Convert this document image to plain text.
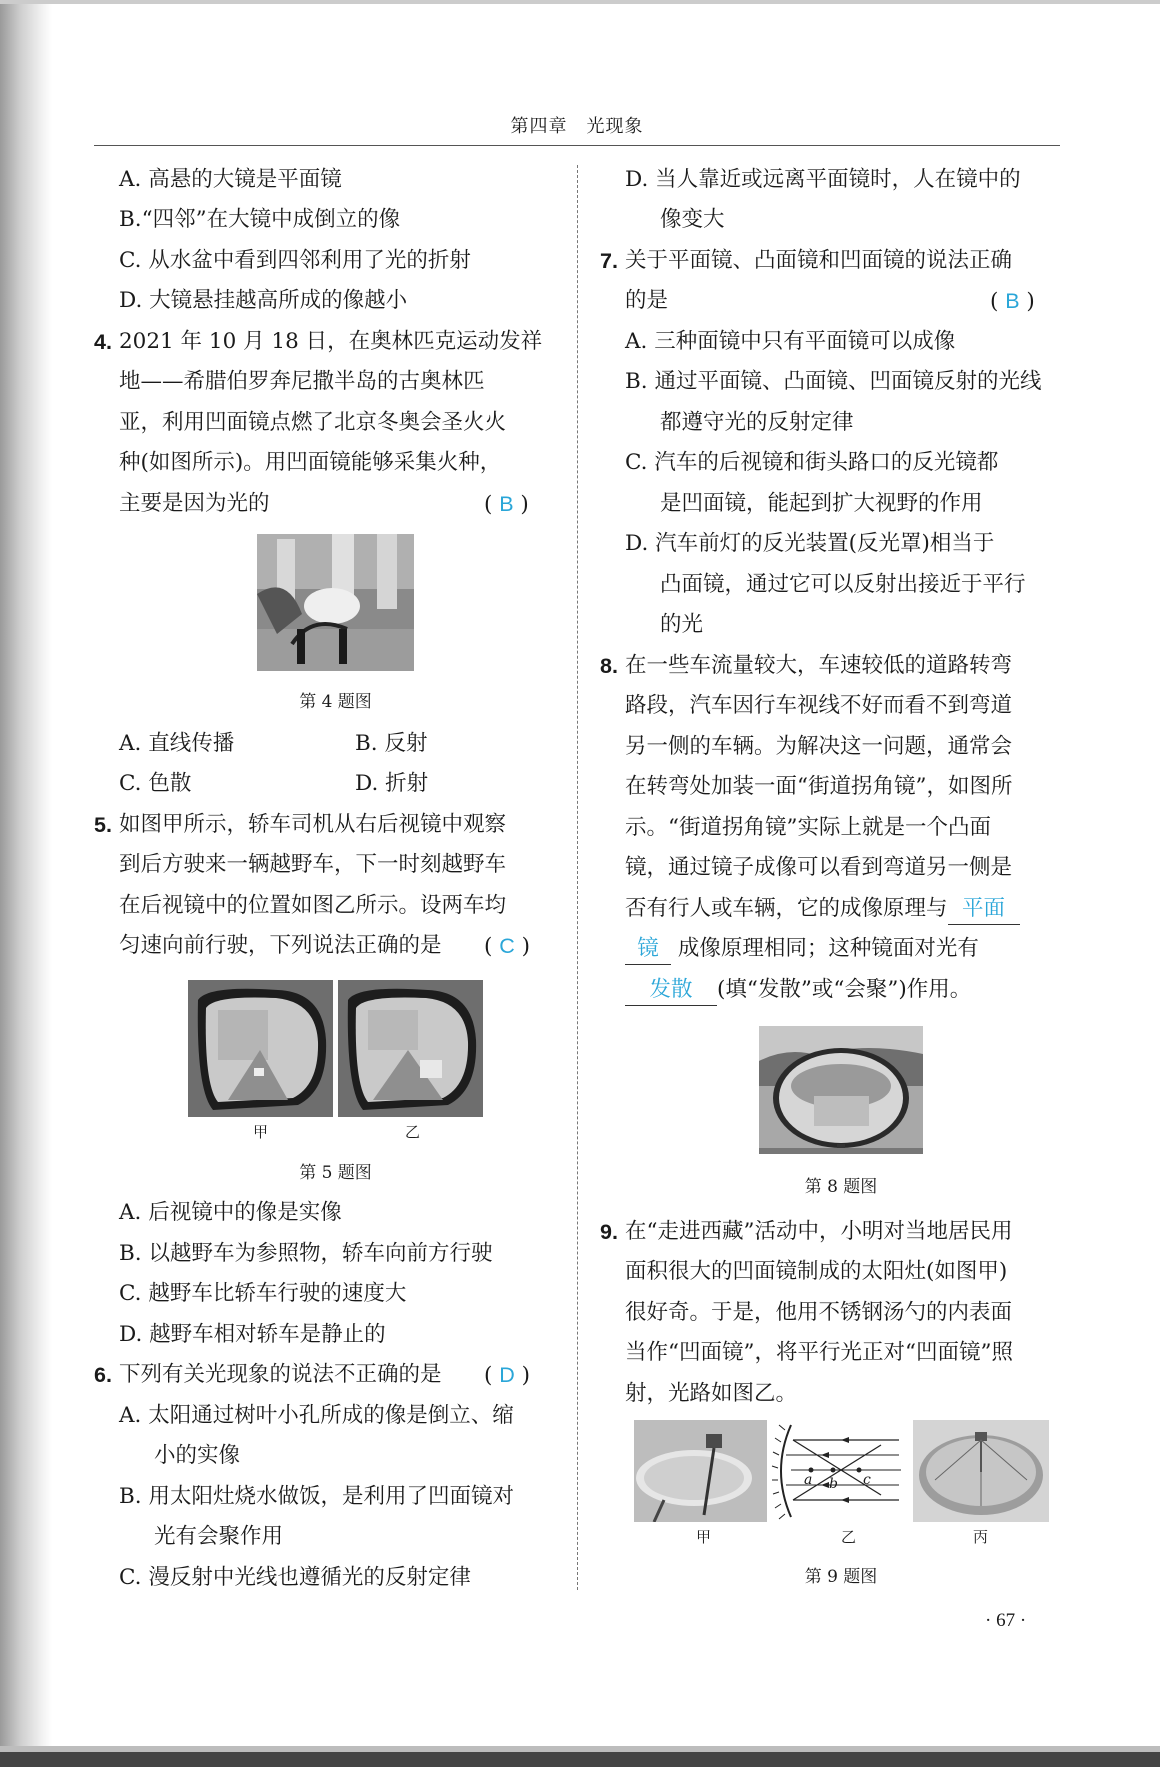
第四章　光现象
A. 高悬的大镜是平面镜
B.“四邻”在大镜中成倒立的像
C. 从水盆中看到四邻利用了光的折射
D. 大镜悬挂越高所成的像越小
4. 2021 年 10 月 18 日，在奥林匹克运动发祥
地——希腊伯罗奔尼撒半岛的古奥林匹
亚，利用凹面镜点燃了北京冬奥会圣火火
种(如图所示)。用凹面镜能够采集火种，
主要是因为光的	( B )
第 4 题图
A. 直线传播	B. 反射
C. 色散	D. 折射
5. 如图甲所示，轿车司机从右后视镜中观察
到后方驶来一辆越野车，下一时刻越野车
在后视镜中的位置如图乙所示。设两车均
匀速向前行驶，下列说法正确的是 ( C )
甲	乙
第 5 题图
A. 后视镜中的像是实像
B. 以越野车为参照物，轿车向前方行驶
C. 越野车比轿车行驶的速度大
D. 越野车相对轿车是静止的
6. 下列有关光现象的说法不正确的是 ( D )
A. 太阳通过树叶小孔所成的像是倒立、缩
小的实像
B. 用太阳灶烧水做饭，是利用了凹面镜对
光有会聚作用
C. 漫反射中光线也遵循光的反射定律
D. 当人靠近或远离平面镜时，人在镜中的
像变大
7. 关于平面镜、凸面镜和凹面镜的说法正确
的是	( B )
A. 三种面镜中只有平面镜可以成像
B. 通过平面镜、凸面镜、凹面镜反射的光线
都遵守光的反射定律
C. 汽车的后视镜和街头路口的反光镜都
是凹面镜，能起到扩大视野的作用
D. 汽车前灯的反光装置(反光罩)相当于
凸面镜，通过它可以反射出接近于平行
的光
8. 在一些车流量较大，车速较低的道路转弯
路段，汽车因行车视线不好而看不到弯道
另一侧的车辆。为解决这一问题，通常会
在转弯处加装一面“街道拐角镜”，如图所
示。“街道拐角镜”实际上就是一个凸面
镜，通过镜子成像可以看到弯道另一侧是
否有行人或车辆，它的成像原理与 平面
镜 成像原理相同；这种镜面对光有
发散 (填“发散”或“会聚”)作用。
第 8 题图
9. 在“走进西藏”活动中，小明对当地居民用
面积很大的凹面镜制成的太阳灶(如图甲)
很好奇。于是，他用不锈钢汤勺的内表面
当作“凹面镜”，将平行光正对“凹面镜”照
射，光路如图乙。
a b c
甲	乙	丙
第 9 题图
· 67 ·
